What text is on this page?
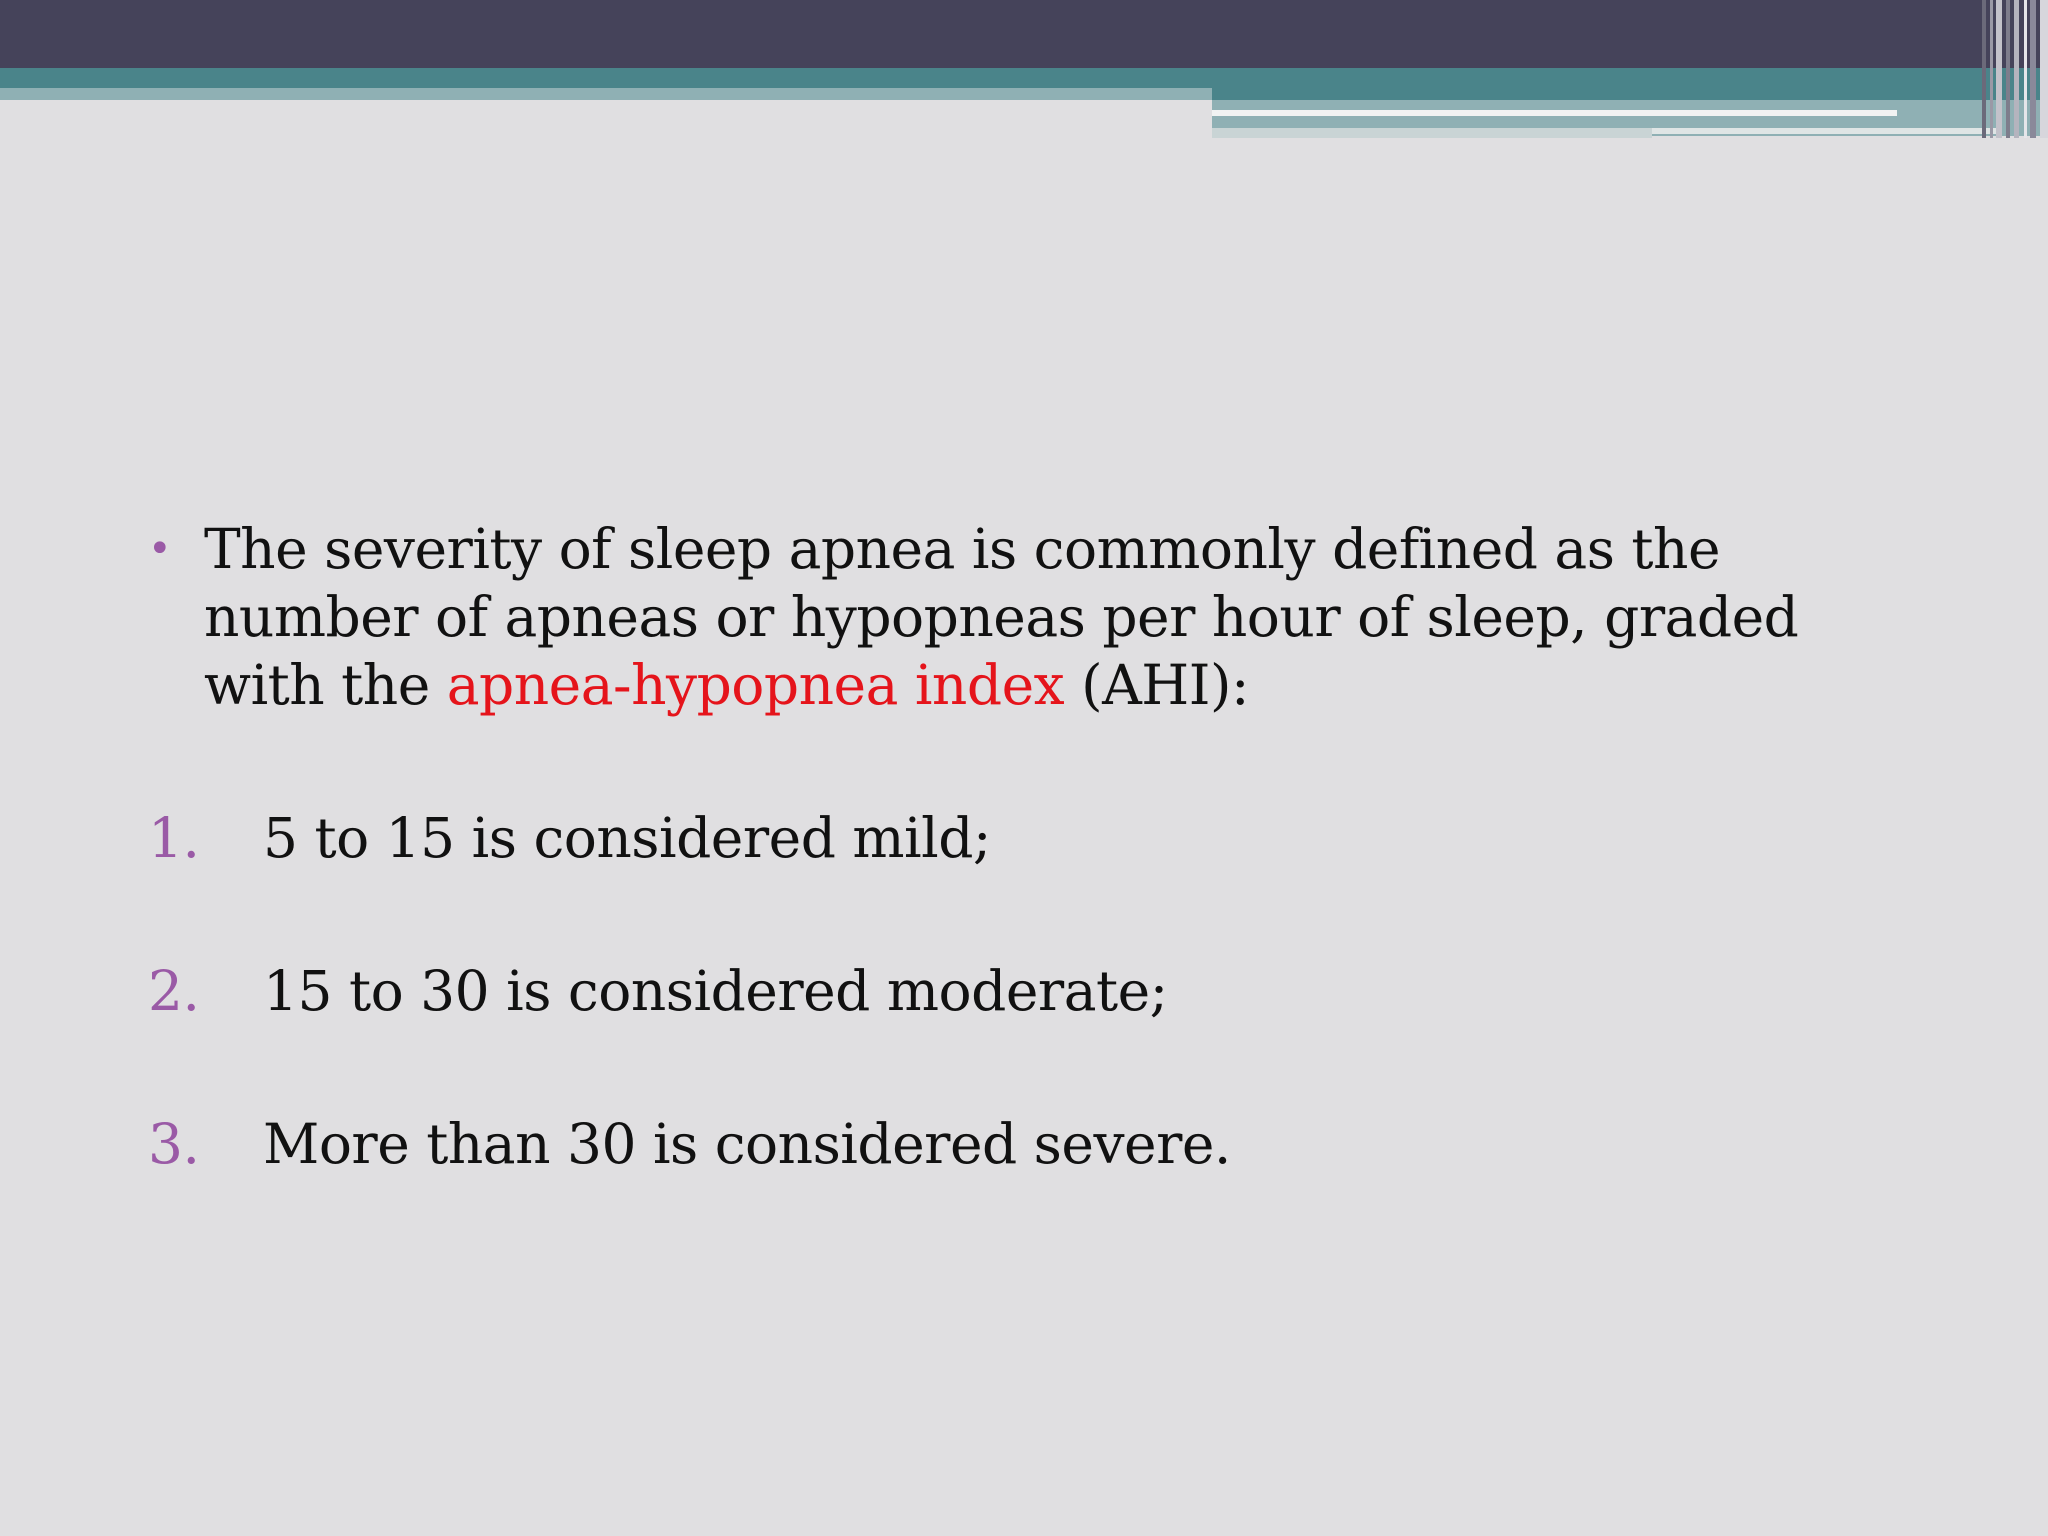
• The severity of sleep apnea is commonly defined as the number of apneas or hypopneas per hour of sleep, graded with the apnea-hypopnea index (AHI):
1. 5 to 15 is considered mild;
2. 15 to 30 is considered moderate;
3. More than 30 is considered severe.
